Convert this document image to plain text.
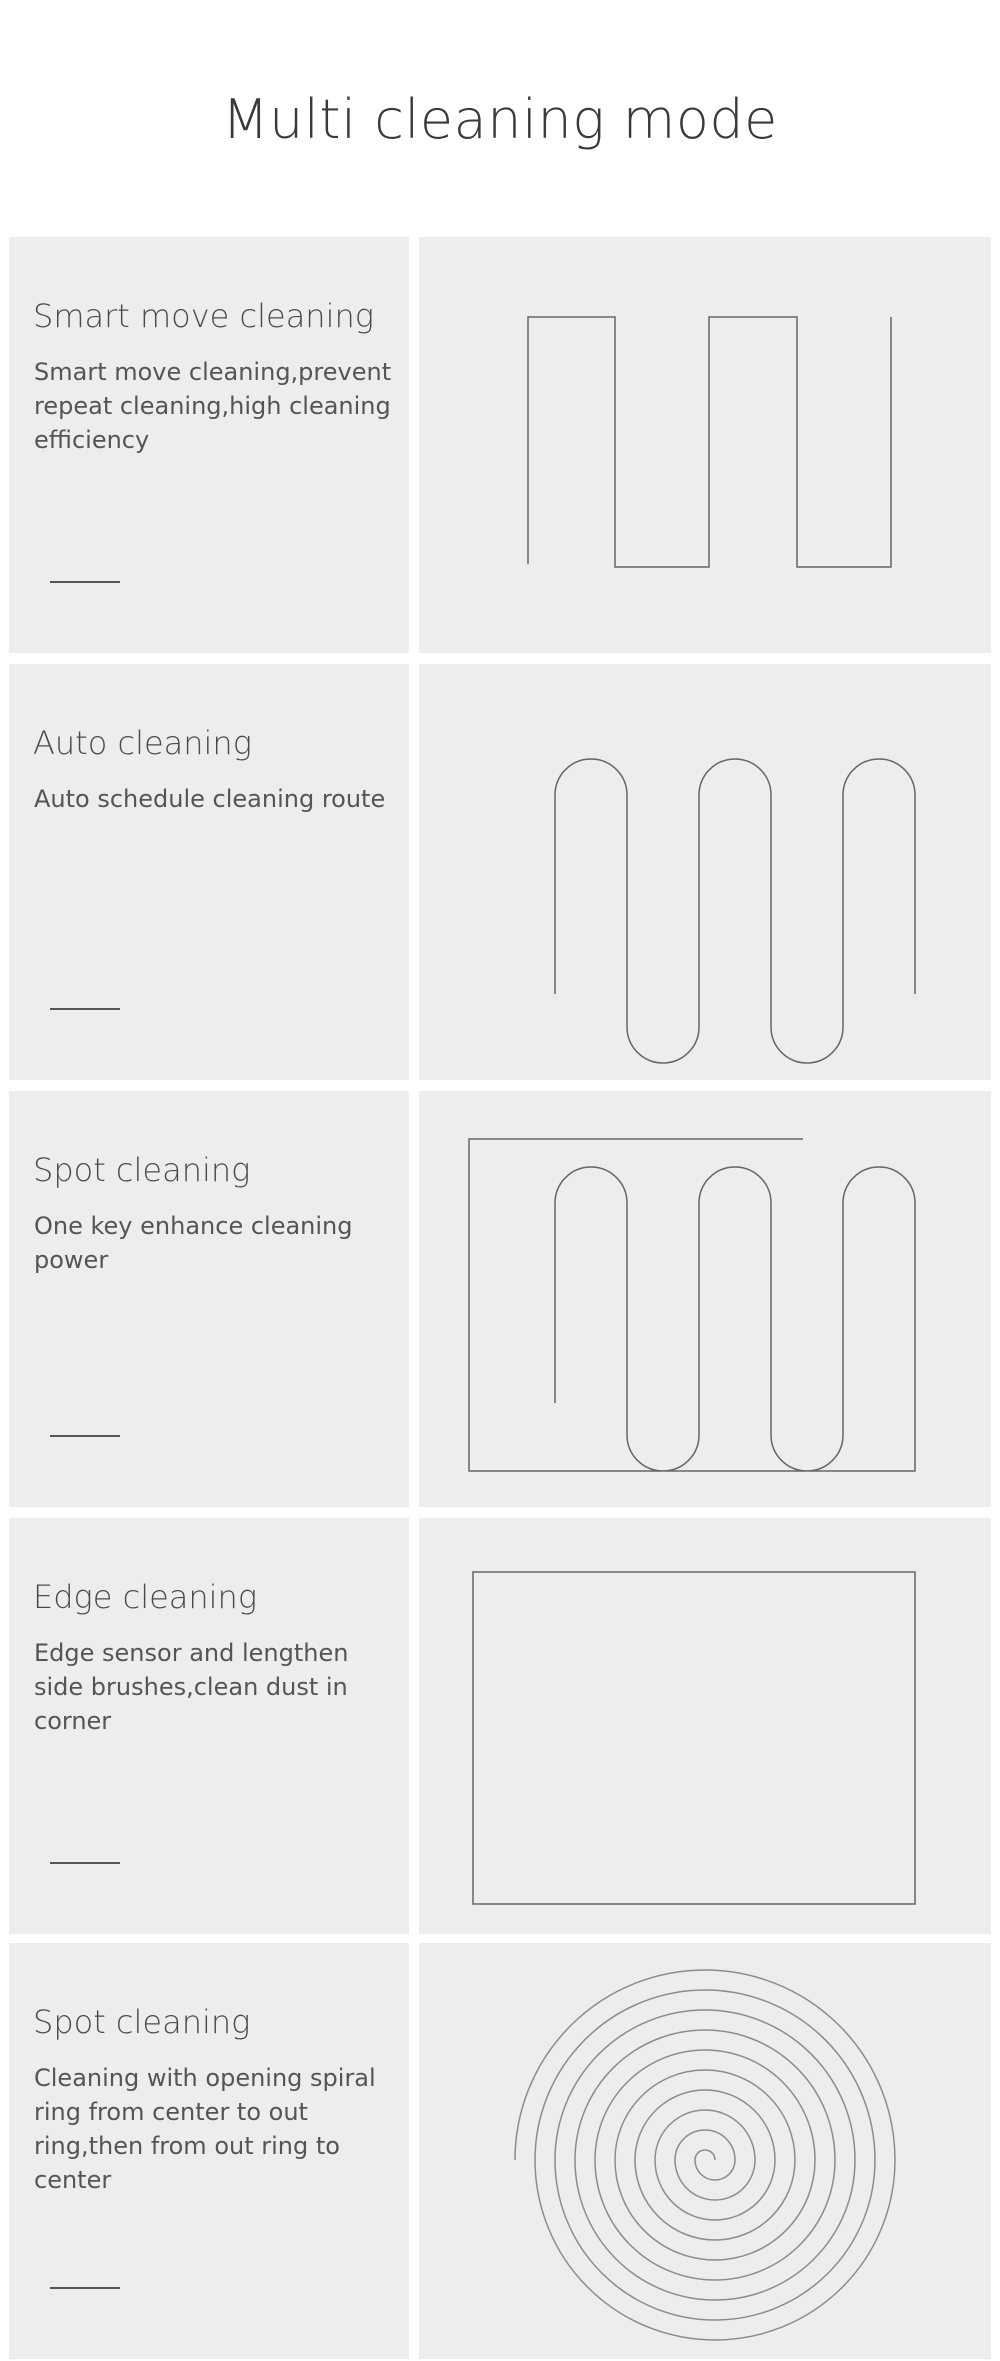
Multi cleaning mode
Smart move cleaning
Smart move cleaning,prevent repeat cleaning,high cleaning efficiency
Auto cleaning
Auto schedule cleaning route
Spot cleaning
One key enhance cleaning power
Edge cleaning
Edge sensor and lengthen side brushes,clean dust in corner
Spot cleaning
Cleaning with opening spiral ring from center to out ring,then from out ring to center
